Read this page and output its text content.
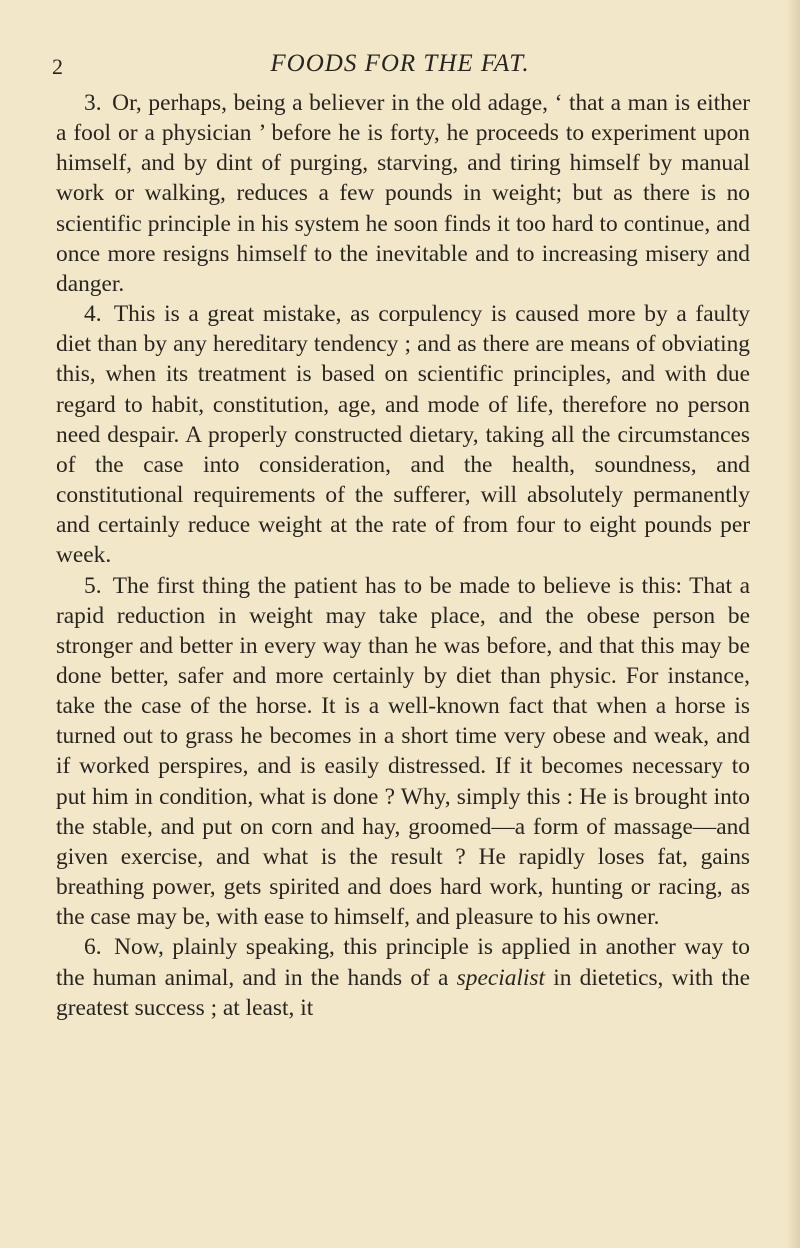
2	FOODS FOR THE FAT.

3. Or, perhaps, being a believer in the old adage, ‘ that a man is either a fool or a physician ’ before he is forty, he proceeds to experiment upon himself, and by dint of purging, starving, and tiring himself by manual work or walking, reduces a few pounds in weight; but as there is no scientific principle in his system he soon finds it too hard to continue, and once more resigns himself to the inevitable and to increasing misery and danger.

4. This is a great mistake, as corpulency is caused more by a faulty diet than by any hereditary tendency ; and as there are means of obviating this, when its treatment is based on scientific principles, and with due regard to habit, constitution, age, and mode of life, therefore no person need despair. A properly constructed dietary, taking all the circumstances of the case into consideration, and the health, soundness, and constitutional requirements of the sufferer, will absolutely permanently and certainly reduce weight at the rate of from four to eight pounds per week.

5. The first thing the patient has to be made to believe is this: That a rapid reduction in weight may take place, and the obese person be stronger and better in every way than he was before, and that this may be done better, safer and more certainly by diet than physic. For instance, take the case of the horse. It is a well-known fact that when a horse is turned out to grass he becomes in a short time very obese and weak, and if worked perspires, and is easily distressed. If it becomes necessary to put him in condition, what is done ? Why, simply this : He is brought into the stable, and put on corn and hay, groomed—a form of massage—and given exercise, and what is the result ? He rapidly loses fat, gains breathing power, gets spirited and does hard work, hunting or racing, as the case may be, with ease to himself, and pleasure to his owner.

6. Now, plainly speaking, this principle is applied in another way to the human animal, and in the hands of a specialist in dietetics, with the greatest success ; at least, it
